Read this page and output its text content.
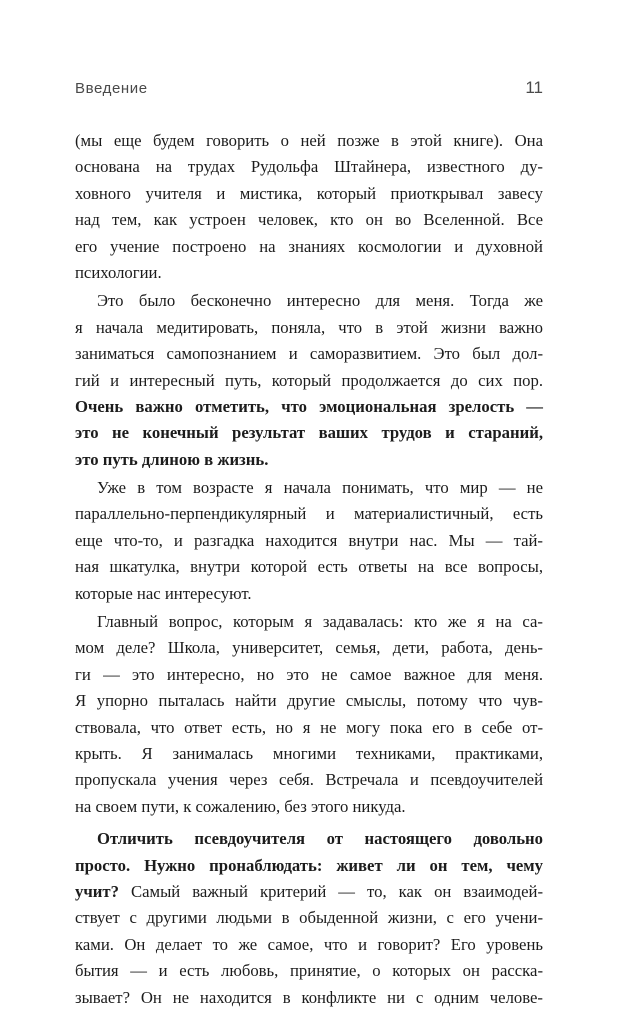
Введение	11
(мы еще будем говорить о ней позже в этой книге). Она
основана на трудах Рудольфа Штайнера, известного ду-
ховного учителя и мистика, который приоткрывал завесу
над тем, как устроен человек, кто он во Вселенной. Все
его учение построено на знаниях космологии и духовной
психологии.
Это было бесконечно интересно для меня. Тогда же
я начала медитировать, поняла, что в этой жизни важно
заниматься самопознанием и саморазвитием. Это был дол-
гий и интересный путь, который продолжается до сих пор.
Очень важно отметить, что эмоциональная зрелость —
это не конечный результат ваших трудов и стараний,
это путь длиною в жизнь.
Уже в том возрасте я начала понимать, что мир — не
параллельно-перпендикулярный и материалистичный, есть
еще что-то, и разгадка находится внутри нас. Мы — тай-
ная шкатулка, внутри которой есть ответы на все вопросы,
которые нас интересуют.
Главный вопрос, которым я задавалась: кто же я на са-
мом деле? Школа, университет, семья, дети, работа, день-
ги — это интересно, но это не самое важное для меня.
Я упорно пыталась найти другие смыслы, потому что чув-
ствовала, что ответ есть, но я не могу пока его в себе от-
крыть. Я занималась многими техниками, практиками,
пропускала учения через себя. Встречала и псевдоучителей
на своем пути, к сожалению, без этого никуда.
Отличить псевдоучителя от настоящего довольно
просто. Нужно пронаблюдать: живет ли он тем, чему
учит? Самый важный критерий — то, как он взаимодей-
ствует с другими людьми в обыденной жизни, с его учени-
ками. Он делает то же самое, что и говорит? Его уровень
бытия — и есть любовь, принятие, о которых он расска-
зывает? Он не находится в конфликте ни с одним челове-
